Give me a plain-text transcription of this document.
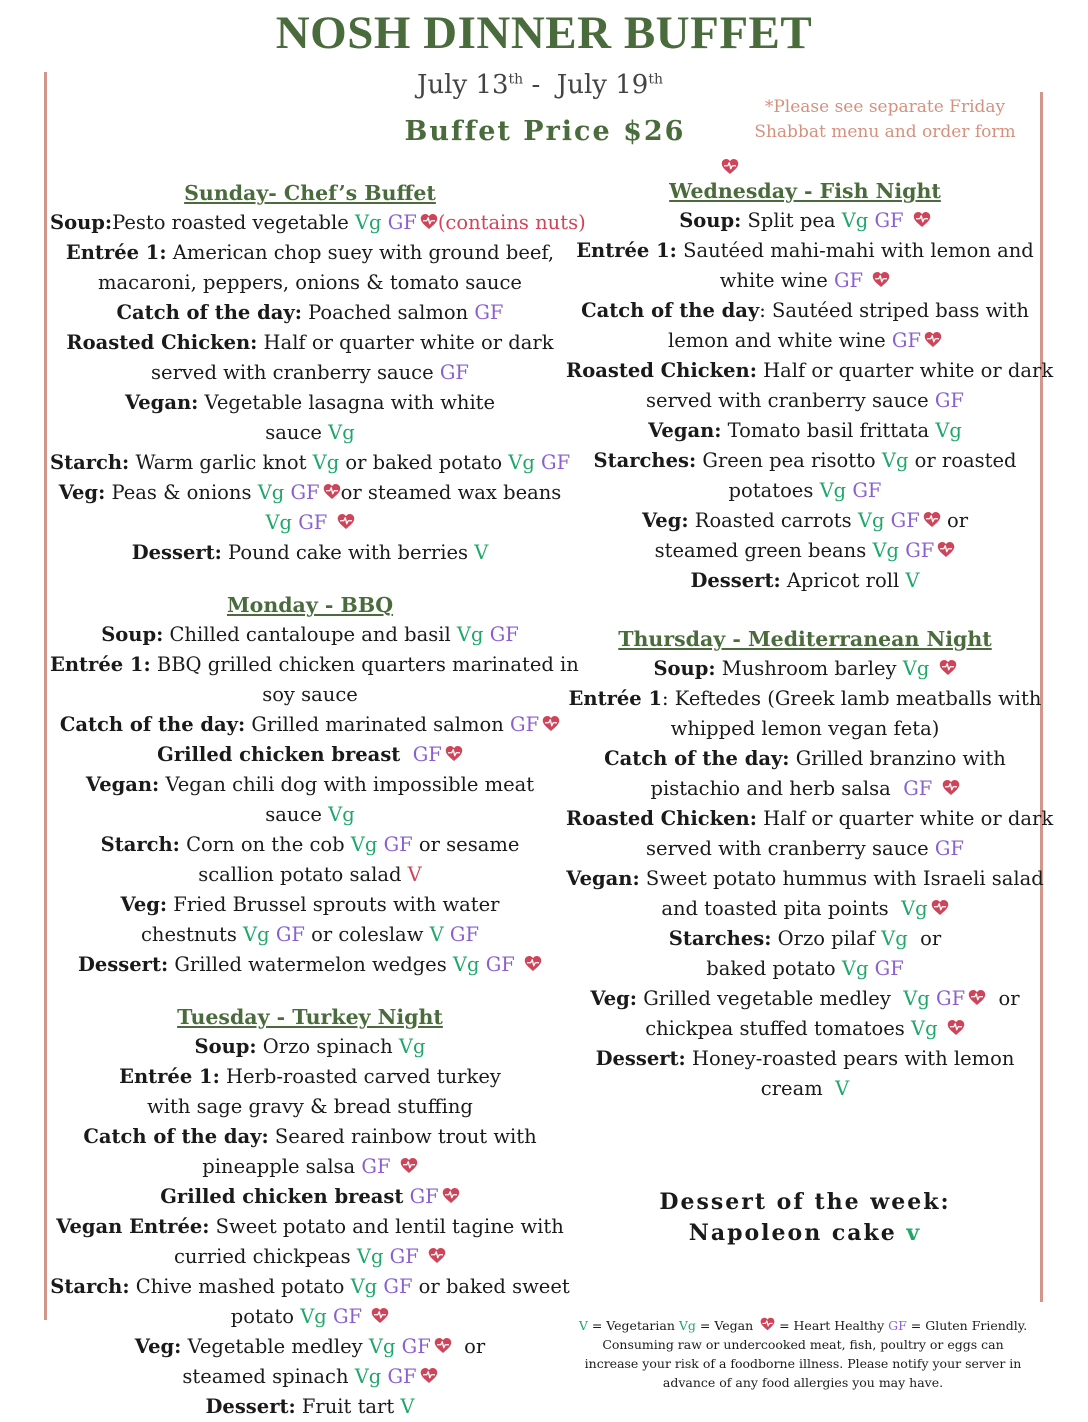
NOSH DINNER BUFFET
July 13th -  July 19th
Buffet Price $26
*Please see separate Friday
Shabbat menu and order form
Sunday- Chef’s Buffet
Soup:Pesto roasted vegetable Vg GF (contains nuts)
Entrée 1: American chop suey with ground beef,
macaroni, peppers, onions & tomato sauce
Catch of the day: Poached salmon GF
Roasted Chicken: Half or quarter white or dark
served with cranberry sauce GF
Vegan: Vegetable lasagna with white
sauce Vg
Starch: Warm garlic knot Vg or baked potato Vg GF
Veg: Peas & onions Vg GF or steamed wax beans
Vg GF
Dessert: Pound cake with berries V
Monday - BBQ
Soup: Chilled cantaloupe and basil Vg GF
Entrée 1: BBQ grilled chicken quarters marinated in
soy sauce
Catch of the day: Grilled marinated salmon GF
Grilled chicken breast GF
Vegan: Vegan chili dog with impossible meat
sauce Vg
Starch: Corn on the cob Vg GF or sesame
scallion potato salad V
Veg: Fried Brussel sprouts with water
chestnuts Vg GF or coleslaw V GF
Dessert: Grilled watermelon wedges Vg GF
Tuesday - Turkey Night
Soup: Orzo spinach Vg
Entrée 1: Herb-roasted carved turkey
with sage gravy & bread stuffing
Catch of the day: Seared rainbow trout with
pineapple salsa GF
Grilled chicken breast GF
Vegan Entrée: Sweet potato and lentil tagine with
curried chickpeas Vg GF
Starch: Chive mashed potato Vg GF or baked sweet
potato Vg GF
Veg: Vegetable medley Vg GF
or
steamed spinach Vg GF
Dessert: Fruit tart V
Wednesday - Fish Night
Soup: Split pea Vg GF
Entrée 1: Sautéed mahi-mahi with lemon and
white wine GF
Catch of the day: Sautéed striped bass with
lemon and white wine GF
Roasted Chicken: Half or quarter white or dark
served with cranberry sauce GF
Vegan: Tomato basil frittata Vg
Starches: Green pea risotto Vg or roasted
potatoes Vg GF
Veg: Roasted carrots Vg GF
or
steamed green beans Vg GF
Dessert: Apricot roll V
Thursday - Mediterranean Night
Soup: Mushroom barley Vg
Entrée 1: Keftedes (Greek lamb meatballs with
whipped lemon vegan feta)
Catch of the day: Grilled branzino with
pistachio and herb salsa  GF
Roasted Chicken: Half or quarter white or dark
served with cranberry sauce GF
Vegan: Sweet potato hummus with Israeli salad
and toasted pita points  Vg
Starches: Orzo pilaf Vg  or
baked potato Vg GF
Veg: Grilled vegetable medley  Vg GF
or
chickpea stuffed tomatoes Vg
Dessert: Honey-roasted pears with lemon
cream  V
Dessert of the week:
Napoleon cake v
V = Vegetarian Vg = Vegan
= Heart Healthy GF = Gluten Friendly.
Consuming raw or undercooked meat, fish, poultry or eggs can
increase your risk of a foodborne illness. Please notify your server in
advance of any food allergies you may have.
